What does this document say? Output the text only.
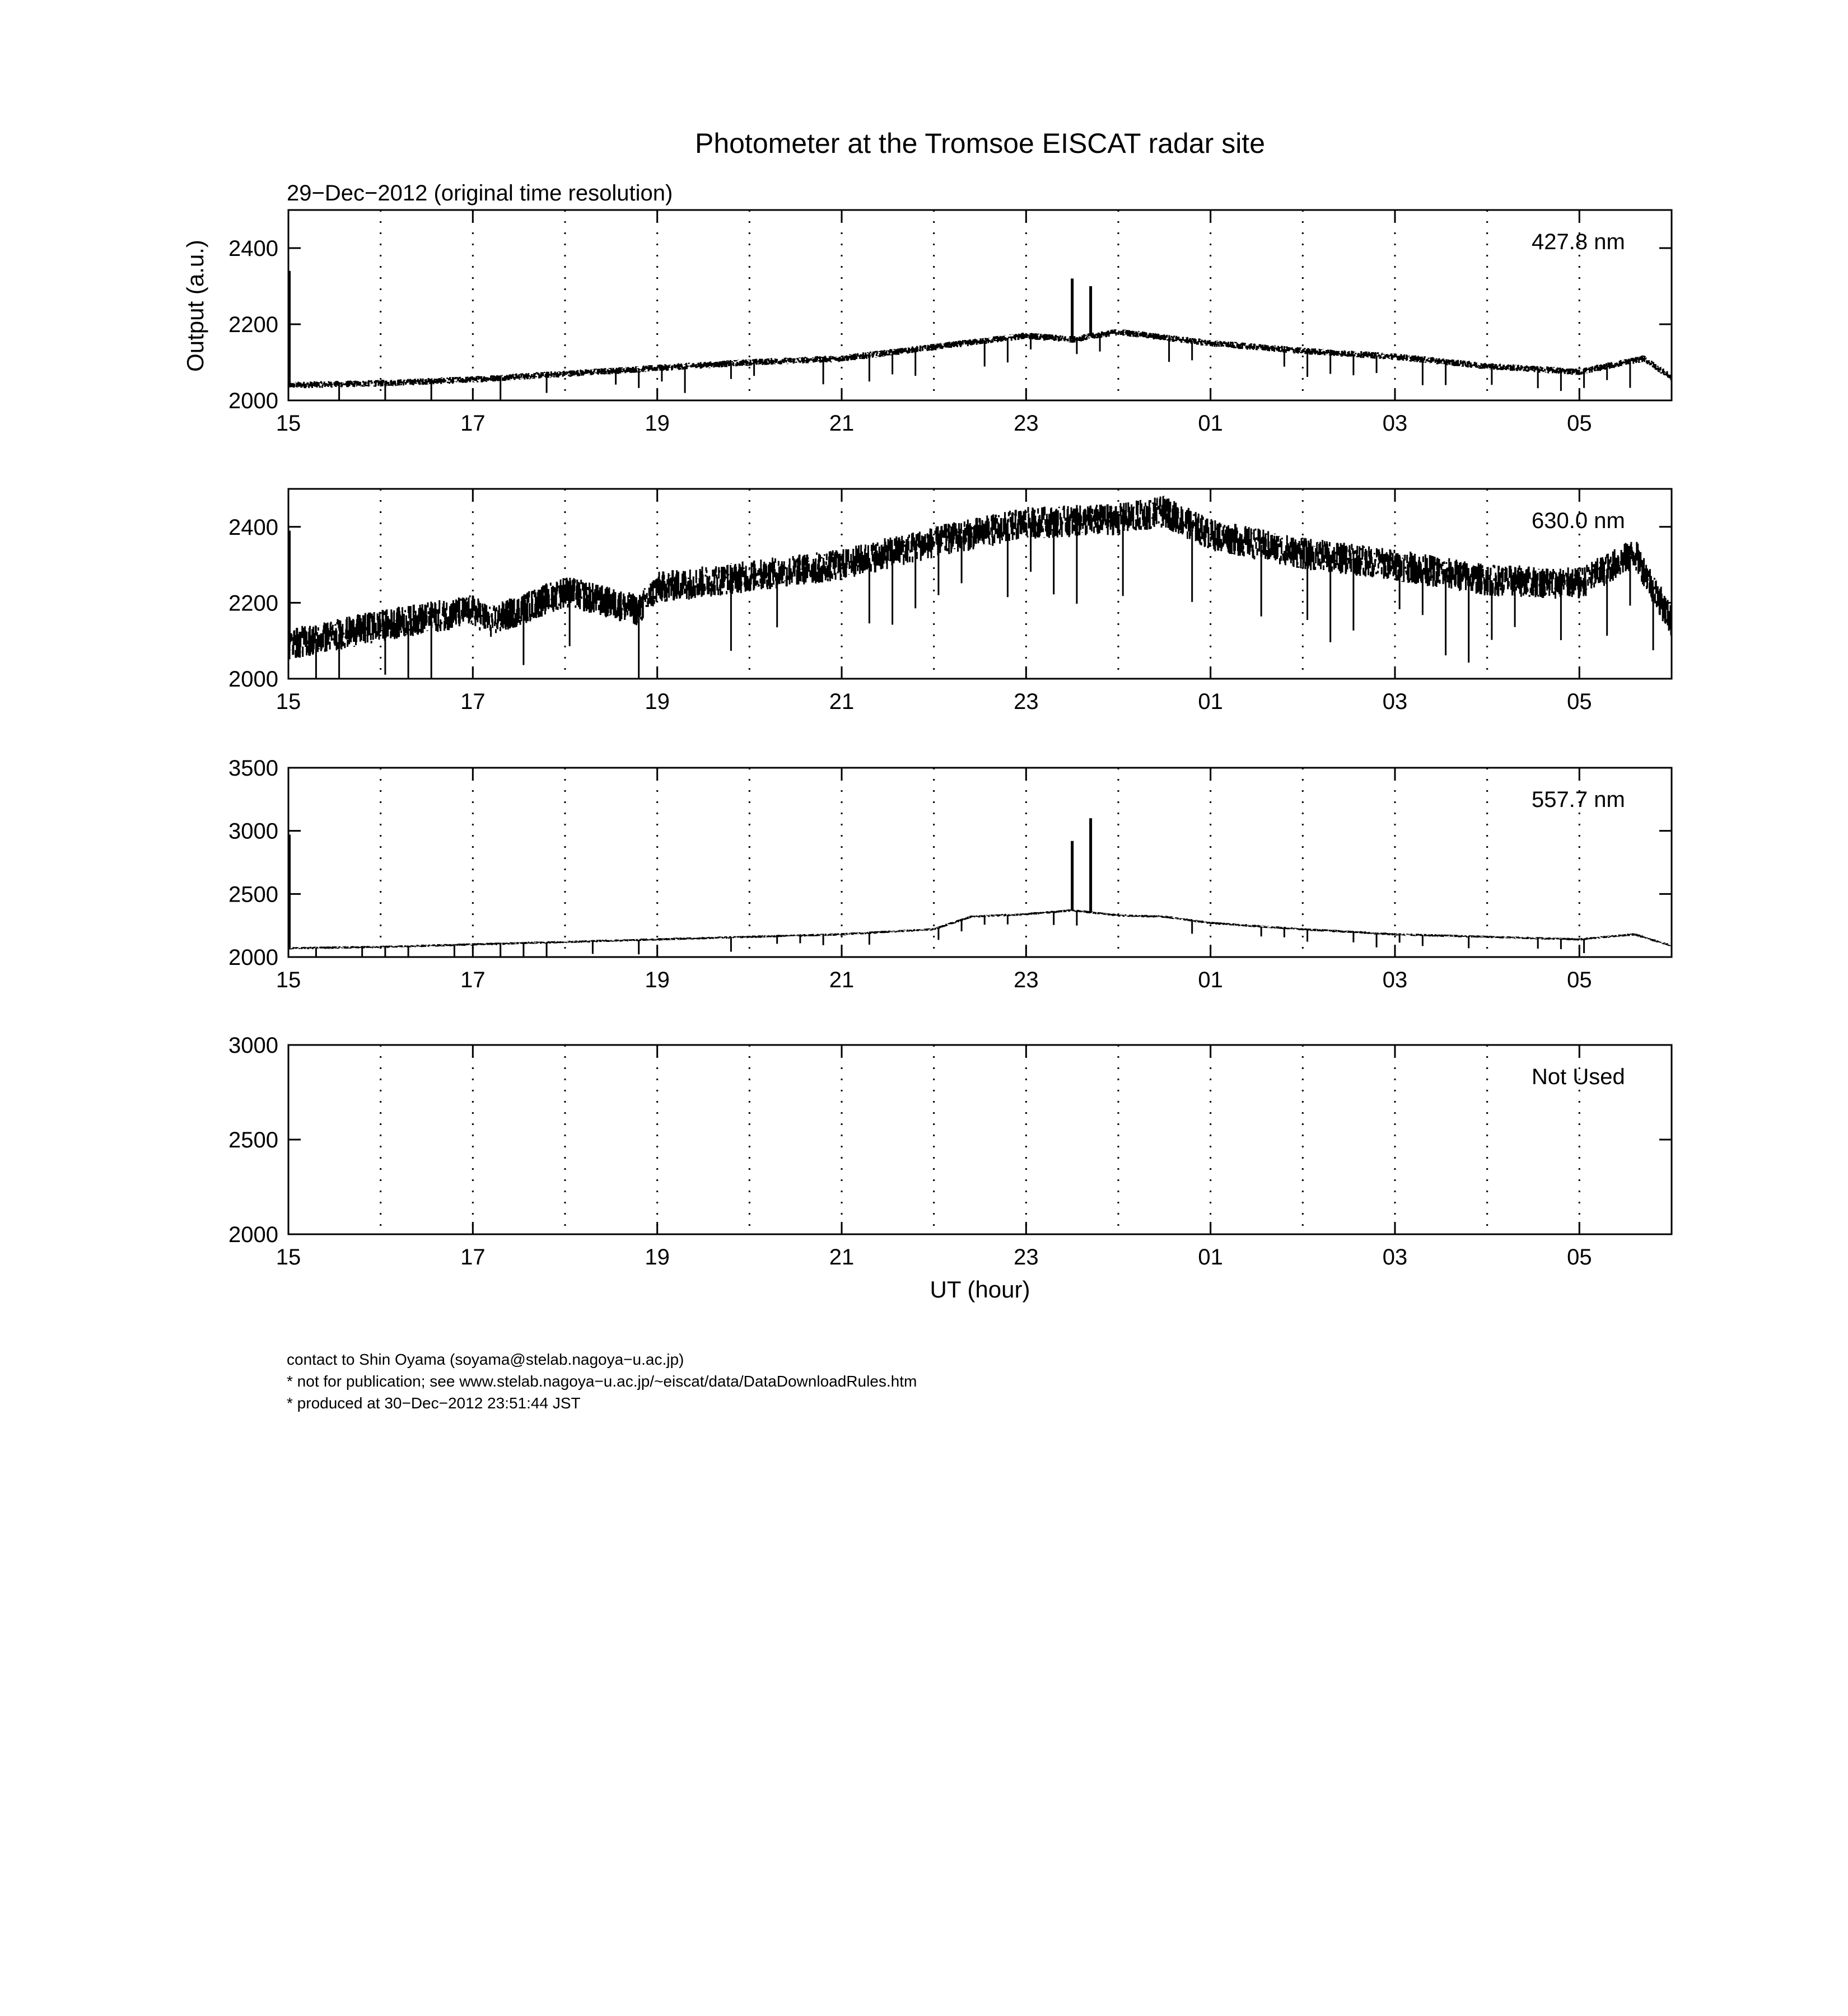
Photometer at the Tromsoe EISCAT radar site
29−Dec−2012 (original time resolution)
Output (a.u.)
UT (hour)
2000
2200
2400
15	17	19	21	23	01	03	05
427.8 nm
2000
2200
2400
15	17	19	21	23	01	03	05
630.0 nm
2000
2500
3000
3500
15	17	19	21	23	01	03	05
557.7 nm
2000
2500
3000
15	17	19	21	23	01	03	05
Not Used
contact to Shin Oyama (soyama@stelab.nagoya−u.ac.jp)
* not for publication; see www.stelab.nagoya−u.ac.jp/~eiscat/data/DataDownloadRules.htm
* produced at 30−Dec−2012 23:51:44 JST
